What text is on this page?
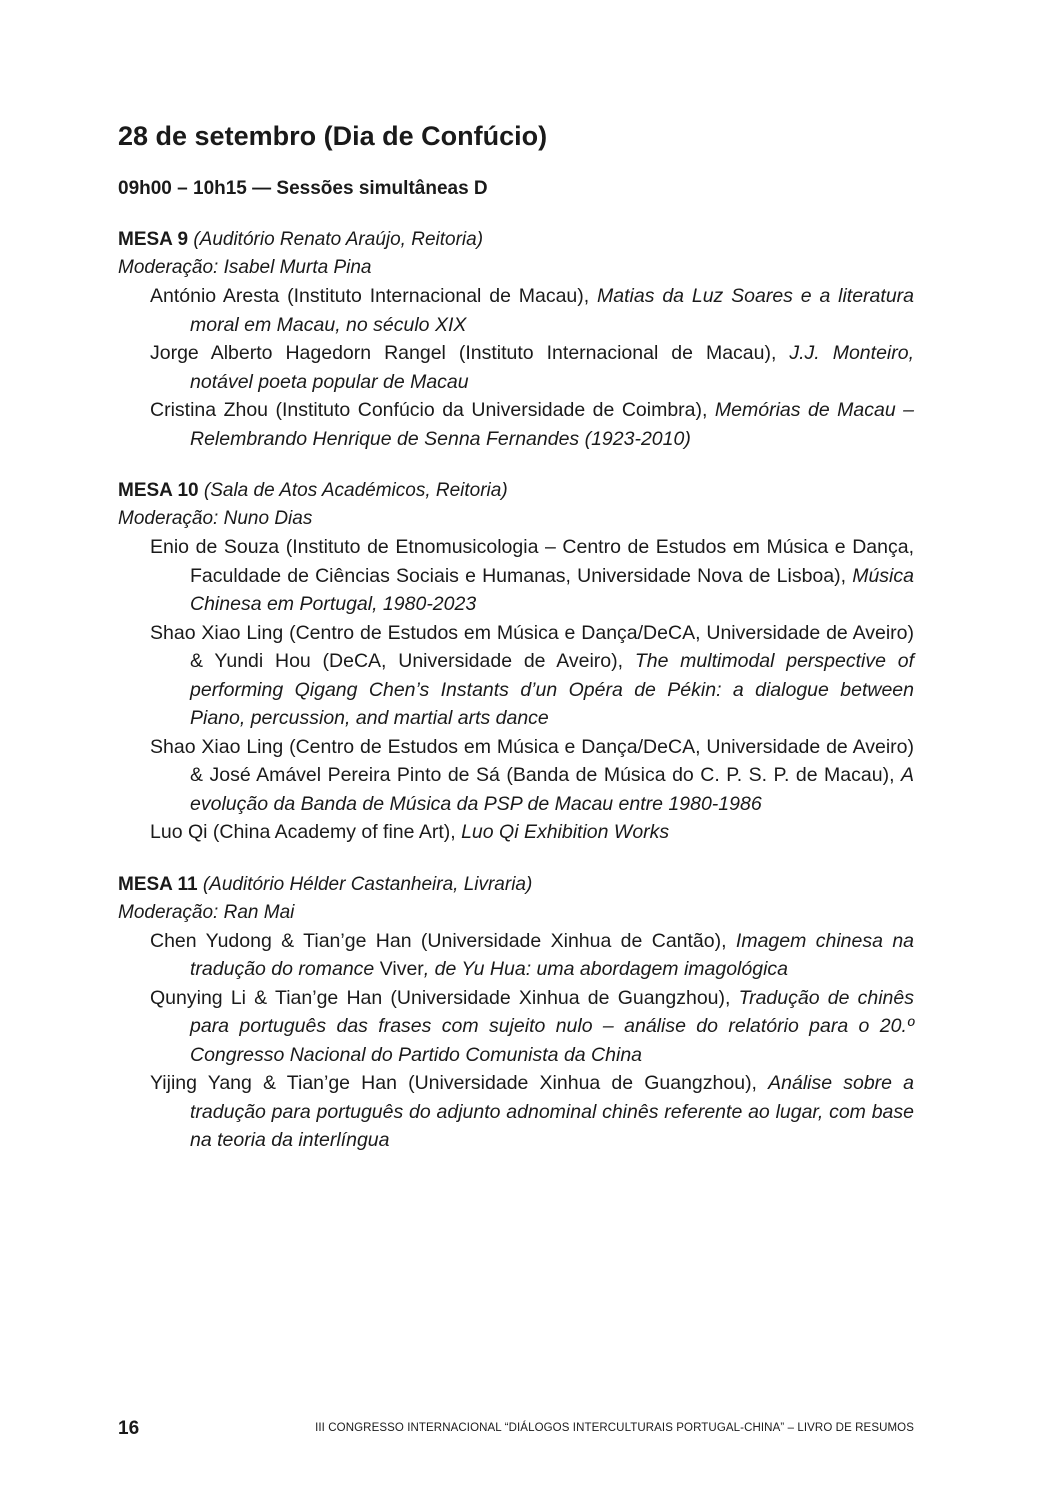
28 de setembro (Dia de Confúcio)
09h00 – 10h15 — Sessões simultâneas D
MESA 9 (Auditório Renato Araújo, Reitoria)
Moderação: Isabel Murta Pina
António Aresta (Instituto Internacional de Macau), Matias da Luz Soares e a literatura moral em Macau, no século XIX
Jorge Alberto Hagedorn Rangel (Instituto Internacional de Macau), J.J. Monteiro, notável poeta popular de Macau
Cristina Zhou (Instituto Confúcio da Universidade de Coimbra), Memórias de Macau – Relembrando Henrique de Senna Fernandes (1923-2010)
MESA 10 (Sala de Atos Académicos, Reitoria)
Moderação: Nuno Dias
Enio de Souza (Instituto de Etnomusicologia – Centro de Estudos em Música e Dança, Faculdade de Ciências Sociais e Humanas, Universidade Nova de Lisboa), Música Chinesa em Portugal, 1980-2023
Shao Xiao Ling (Centro de Estudos em Música e Dança/DeCA, Universidade de Aveiro) & Yundi Hou (DeCA, Universidade de Aveiro), The multimodal perspective of performing Qigang Chen’s Instants d’un Opéra de Pékin: a dialogue between Piano, percussion, and martial arts dance
Shao Xiao Ling (Centro de Estudos em Música e Dança/DeCA, Universidade de Aveiro) & José Amável Pereira Pinto de Sá (Banda de Música do C. P. S. P. de Macau), A evolução da Banda de Música da PSP de Macau entre 1980-1986
Luo Qi (China Academy of fine Art), Luo Qi Exhibition Works
MESA 11 (Auditório Hélder Castanheira, Livraria)
Moderação: Ran Mai
Chen Yudong & Tian’ge Han (Universidade Xinhua de Cantão), Imagem chinesa na tradução do romance Viver, de Yu Hua: uma abordagem imagológica
Qunying Li & Tian’ge Han (Universidade Xinhua de Guangzhou), Tradução de chinês para português das frases com sujeito nulo – análise do relatório para o 20.º Congresso Nacional do Partido Comunista da China
Yijing Yang & Tian’ge Han (Universidade Xinhua de Guangzhou), Análise sobre a tradução para português do adjunto adnominal chinês referente ao lugar, com base na teoria da interlíngua
16	III CONGRESSO INTERNACIONAL “DIÁLOGOS INTERCULTURAIS PORTUGAL-CHINA” – LIVRO DE RESUMOS
